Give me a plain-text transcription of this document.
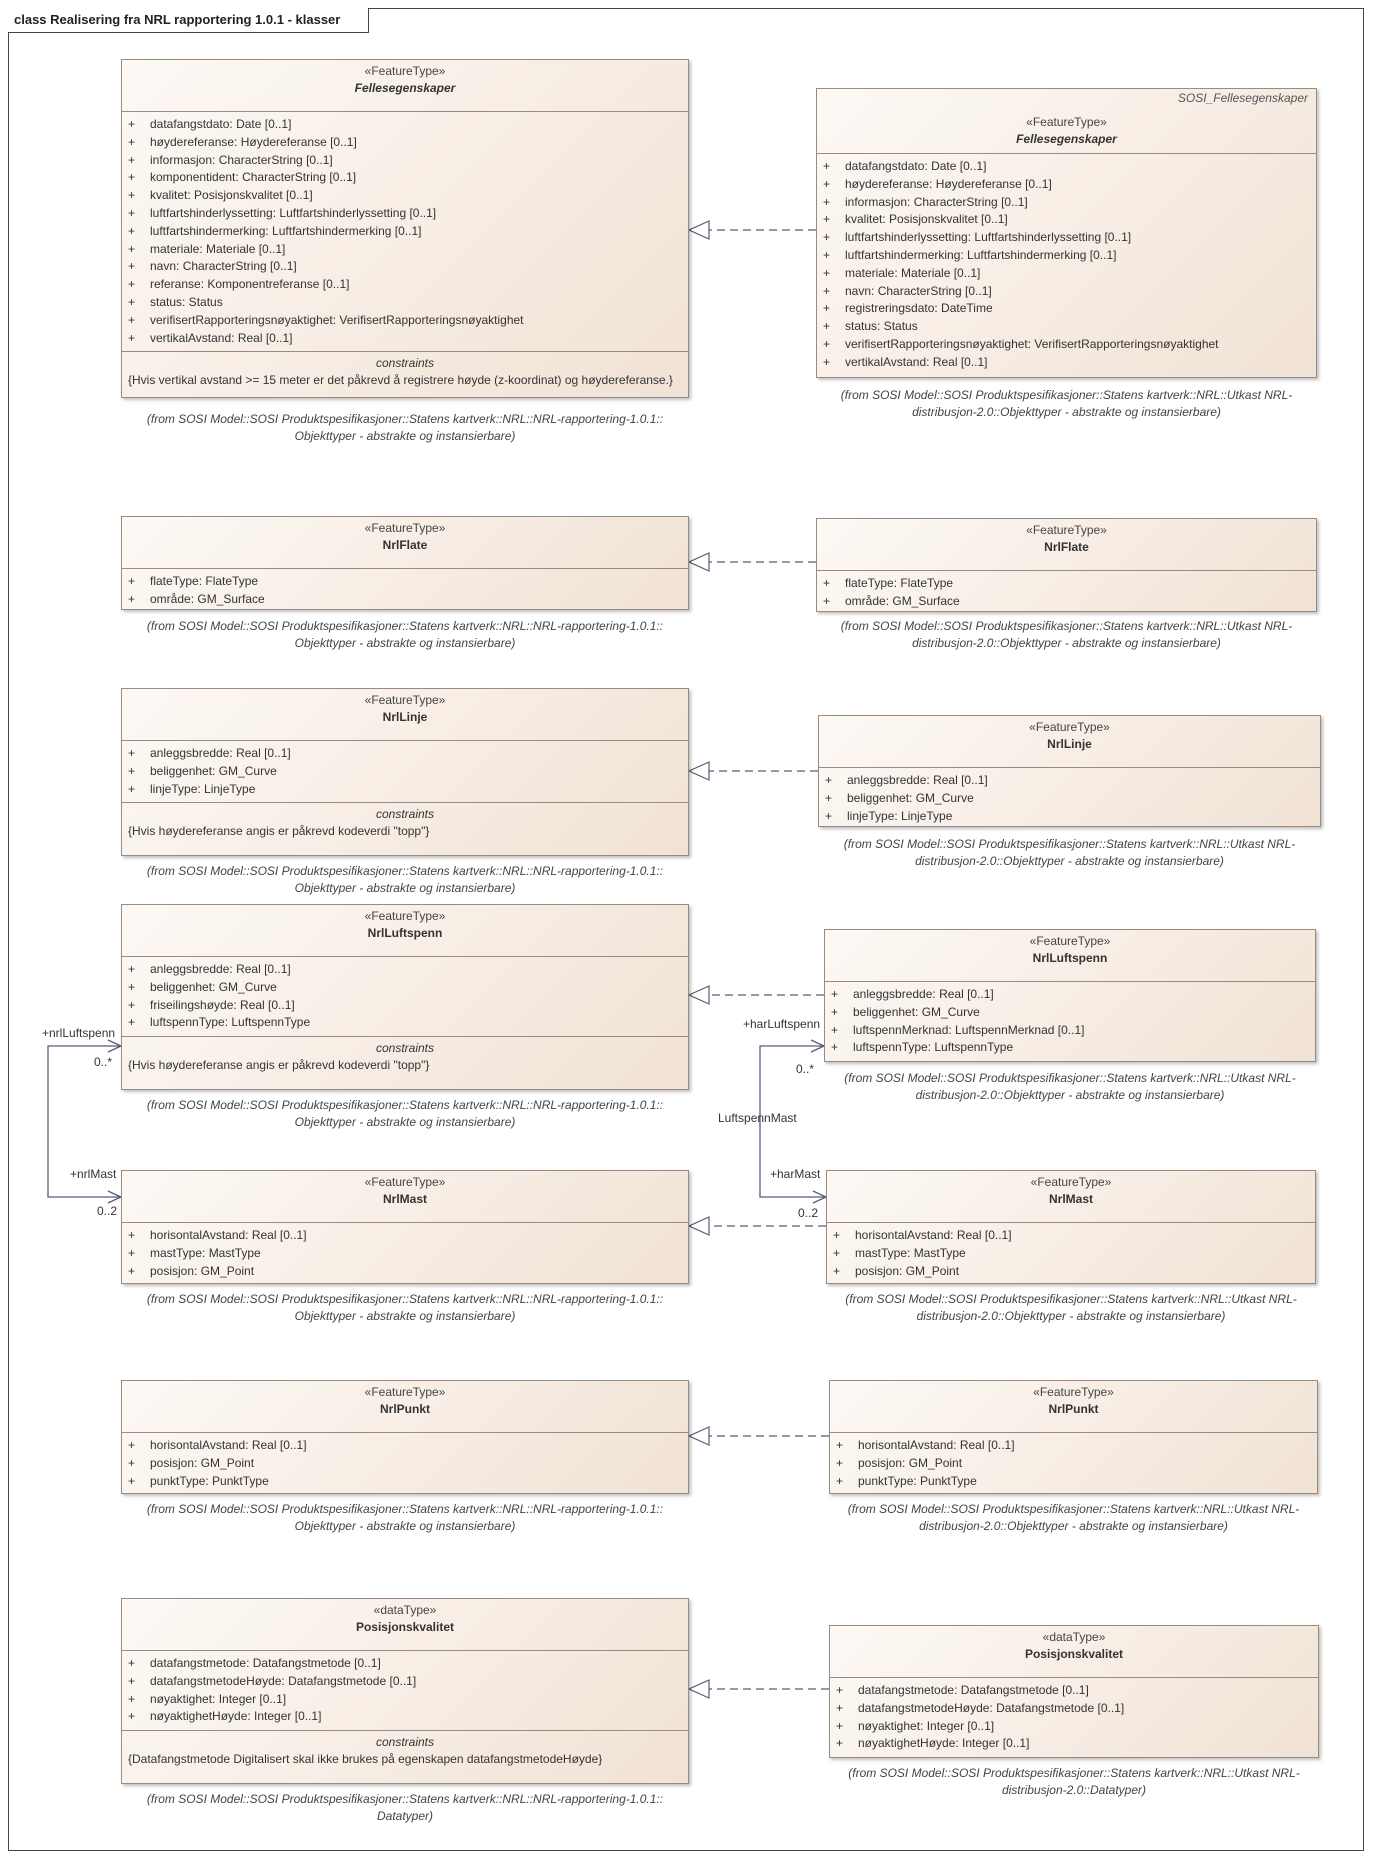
class Realisering fra NRL rapportering 1.0.1 - klasser
+nrlLuftspenn
0..*
+nrlMast
0..2
+harLuftspenn
0..*
LuftspennMast
+harMast
0..2
«FeatureType»
Fellesegenskaper
+ datafangstdato: Date [0..1]
+ høydereferanse: Høydereferanse [0..1]
+ informasjon: CharacterString [0..1]
+ komponentident: CharacterString [0..1]
+ kvalitet: Posisjonskvalitet [0..1]
+ luftfartshinderlyssetting: Luftfartshinderlyssetting [0..1]
+ luftfartshindermerking: Luftfartshindermerking [0..1]
+ materiale: Materiale [0..1]
+ navn: CharacterString [0..1]
+ referanse: Komponentreferanse [0..1]
+ status: Status
+ verifisertRapporteringsnøyaktighet: VerifisertRapporteringsnøyaktighet
+ vertikalAvstand: Real [0..1]
constraints
{Hvis vertikal avstand >= 15 meter er det påkrevd å registrere høyde (z-koordinat) og høydereferanse.}
(from SOSI Model::SOSI Produktspesifikasjoner::Statens kartverk::NRL::NRL-rapportering-1.0.1::
Objekttyper - abstrakte og instansierbare)
SOSI_Fellesegenskaper
«FeatureType»
Fellesegenskaper
+ datafangstdato: Date [0..1]
+ høydereferanse: Høydereferanse [0..1]
+ informasjon: CharacterString [0..1]
+ kvalitet: Posisjonskvalitet [0..1]
+ luftfartshinderlyssetting: Luftfartshinderlyssetting [0..1]
+ luftfartshindermerking: Luftfartshindermerking [0..1]
+ materiale: Materiale [0..1]
+ navn: CharacterString [0..1]
+ registreringsdato: DateTime
+ status: Status
+ verifisertRapporteringsnøyaktighet: VerifisertRapporteringsnøyaktighet
+ vertikalAvstand: Real [0..1]
(from SOSI Model::SOSI Produktspesifikasjoner::Statens kartverk::NRL::Utkast NRL-
distribusjon-2.0::Objekttyper - abstrakte og instansierbare)
«FeatureType»
NrlFlate
+ flateType: FlateType
+ område: GM_Surface
(from SOSI Model::SOSI Produktspesifikasjoner::Statens kartverk::NRL::NRL-rapportering-1.0.1::
Objekttyper - abstrakte og instansierbare)
«FeatureType»
NrlFlate
+ flateType: FlateType
+ område: GM_Surface
(from SOSI Model::SOSI Produktspesifikasjoner::Statens kartverk::NRL::Utkast NRL-
distribusjon-2.0::Objekttyper - abstrakte og instansierbare)
«FeatureType»
NrlLinje
+ anleggsbredde: Real [0..1]
+ beliggenhet: GM_Curve
+ linjeType: LinjeType
constraints
{Hvis høydereferanse angis er påkrevd kodeverdi "topp"}
(from SOSI Model::SOSI Produktspesifikasjoner::Statens kartverk::NRL::NRL-rapportering-1.0.1::
Objekttyper - abstrakte og instansierbare)
«FeatureType»
NrlLinje
+ anleggsbredde: Real [0..1]
+ beliggenhet: GM_Curve
+ linjeType: LinjeType
(from SOSI Model::SOSI Produktspesifikasjoner::Statens kartverk::NRL::Utkast NRL-
distribusjon-2.0::Objekttyper - abstrakte og instansierbare)
«FeatureType»
NrlLuftspenn
+ anleggsbredde: Real [0..1]
+ beliggenhet: GM_Curve
+ friseilingshøyde: Real [0..1]
+ luftspennType: LuftspennType
constraints
{Hvis høydereferanse angis er påkrevd kodeverdi "topp"}
(from SOSI Model::SOSI Produktspesifikasjoner::Statens kartverk::NRL::NRL-rapportering-1.0.1::
Objekttyper - abstrakte og instansierbare)
«FeatureType»
NrlLuftspenn
+ anleggsbredde: Real [0..1]
+ beliggenhet: GM_Curve
+ luftspennMerknad: LuftspennMerknad [0..1]
+ luftspennType: LuftspennType
(from SOSI Model::SOSI Produktspesifikasjoner::Statens kartverk::NRL::Utkast NRL-
distribusjon-2.0::Objekttyper - abstrakte og instansierbare)
«FeatureType»
NrlMast
+ horisontalAvstand: Real [0..1]
+ mastType: MastType
+ posisjon: GM_Point
(from SOSI Model::SOSI Produktspesifikasjoner::Statens kartverk::NRL::NRL-rapportering-1.0.1::
Objekttyper - abstrakte og instansierbare)
«FeatureType»
NrlMast
+ horisontalAvstand: Real [0..1]
+ mastType: MastType
+ posisjon: GM_Point
(from SOSI Model::SOSI Produktspesifikasjoner::Statens kartverk::NRL::Utkast NRL-
distribusjon-2.0::Objekttyper - abstrakte og instansierbare)
«FeatureType»
NrlPunkt
+ horisontalAvstand: Real [0..1]
+ posisjon: GM_Point
+ punktType: PunktType
(from SOSI Model::SOSI Produktspesifikasjoner::Statens kartverk::NRL::NRL-rapportering-1.0.1::
Objekttyper - abstrakte og instansierbare)
«FeatureType»
NrlPunkt
+ horisontalAvstand: Real [0..1]
+ posisjon: GM_Point
+ punktType: PunktType
(from SOSI Model::SOSI Produktspesifikasjoner::Statens kartverk::NRL::Utkast NRL-
distribusjon-2.0::Objekttyper - abstrakte og instansierbare)
«dataType»
Posisjonskvalitet
+ datafangstmetode: Datafangstmetode [0..1]
+ datafangstmetodeHøyde: Datafangstmetode [0..1]
+ nøyaktighet: Integer [0..1]
+ nøyaktighetHøyde: Integer [0..1]
constraints
{Datafangstmetode Digitalisert skal ikke brukes på egenskapen datafangstmetodeHøyde}
(from SOSI Model::SOSI Produktspesifikasjoner::Statens kartverk::NRL::NRL-rapportering-1.0.1::
Datatyper)
«dataType»
Posisjonskvalitet
+ datafangstmetode: Datafangstmetode [0..1]
+ datafangstmetodeHøyde: Datafangstmetode [0..1]
+ nøyaktighet: Integer [0..1]
+ nøyaktighetHøyde: Integer [0..1]
(from SOSI Model::SOSI Produktspesifikasjoner::Statens kartverk::NRL::Utkast NRL-
distribusjon-2.0::Datatyper)
